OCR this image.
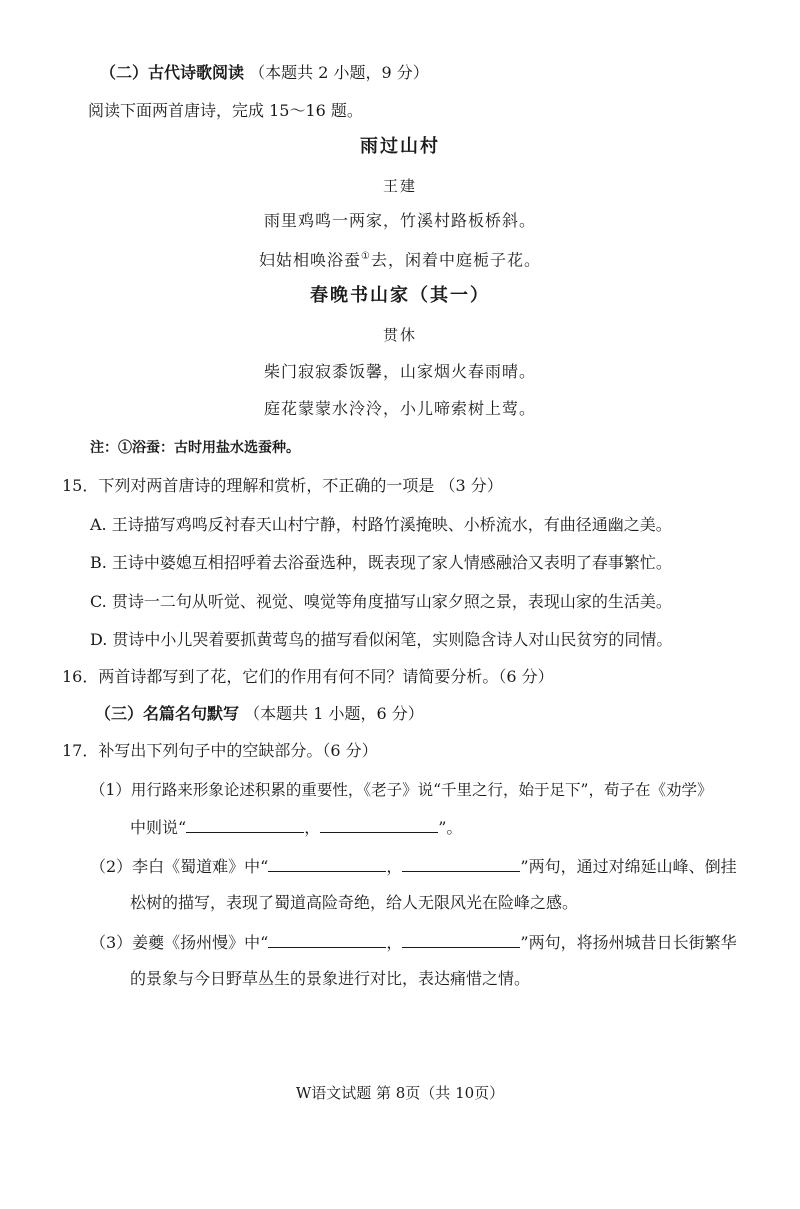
（二）古代诗歌阅读 （本题共 2 小题，9 分）
阅读下面两首唐诗，完成 15～16 题。
雨过山村
王建
雨里鸡鸣一两家，竹溪村路板桥斜。
妇姑相唤浴蚕①去，闲着中庭栀子花。
春晚书山家（其一）
贯休
柴门寂寂黍饭馨，山家烟火春雨晴。
庭花蒙蒙水泠泠，小儿啼索树上莺。
注：①浴蚕：古时用盐水选蚕种。
15．下列对两首唐诗的理解和赏析，不正确的一项是 （3 分）
A. 王诗描写鸡鸣反衬春天山村宁静，村路竹溪掩映、小桥流水，有曲径通幽之美。
B. 王诗中婆媳互相招呼着去浴蚕选种，既表现了家人情感融洽又表明了春事繁忙。
C. 贯诗一二句从听觉、视觉、嗅觉等角度描写山家夕照之景，表现山家的生活美。
D. 贯诗中小儿哭着要抓黄莺鸟的描写看似闲笔，实则隐含诗人对山民贫穷的同情。
16．两首诗都写到了花，它们的作用有何不同？请简要分析。（6 分）
（三）名篇名句默写 （本题共 1 小题，6 分）
17．补写出下列句子中的空缺部分。（6 分）
（1）用行路来形象论述积累的重要性，《老子》说“千里之行，始于足下”，荀子在《劝学》
中则说“	，	”。
（2）李白《蜀道难》中“	，	”两句，通过对绵延山峰、倒挂
松树的描写，表现了蜀道高险奇绝，给人无限风光在险峰之感。
（3）姜夔《扬州慢》中“	，	”两句，将扬州城昔日长街繁华
的景象与今日野草丛生的景象进行对比，表达痛惜之情。
W语文试题 第 8页（共 10页）
